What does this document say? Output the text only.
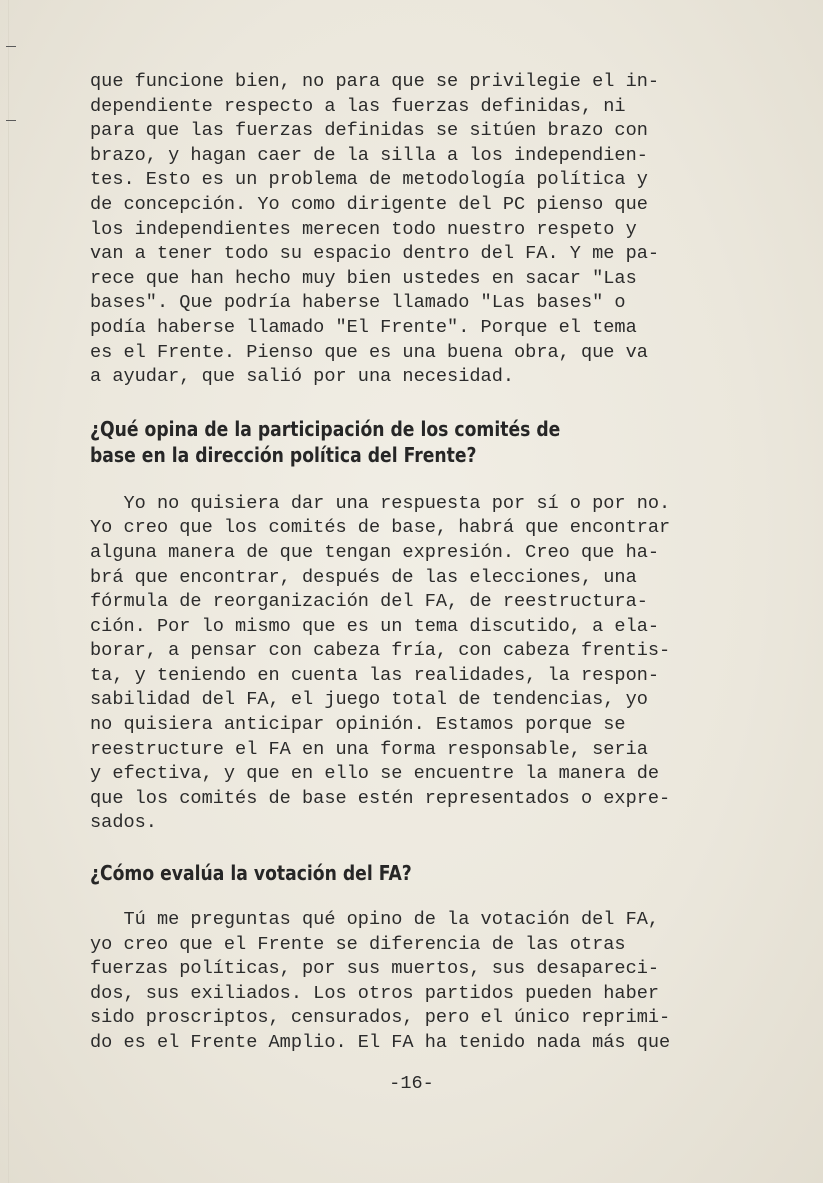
que funcione bien, no para que se privilegie el in-
dependiente respecto a las fuerzas definidas, ni
para que las fuerzas definidas se sitúen brazo con
brazo, y hagan caer de la silla a los independien-
tes. Esto es un problema de metodología política y
de concepción. Yo como dirigente del PC pienso que
los independientes merecen todo nuestro respeto y
van a tener todo su espacio dentro del FA. Y me pa-
rece que han hecho muy bien ustedes en sacar "Las
bases". Que podría haberse llamado "Las bases" o
podía haberse llamado "El Frente". Porque el tema
es el Frente. Pienso que es una buena obra, que va
a ayudar, que salió por una necesidad.

¿Qué opina de la participación de los comités de
base en la dirección política del Frente?

Yo no quisiera dar una respuesta por sí o por no.
Yo creo que los comités de base, habrá que encontrar
alguna manera de que tengan expresión. Creo que ha-
brá que encontrar, después de las elecciones, una
fórmula de reorganización del FA, de reestructura-
ción. Por lo mismo que es un tema discutido, a ela-
borar, a pensar con cabeza fría, con cabeza frentis-
ta, y teniendo en cuenta las realidades, la respon-
sabilidad del FA, el juego total de tendencias, yo
no quisiera anticipar opinión. Estamos porque se
reestructure el FA en una forma responsable, seria
y efectiva, y que en ello se encuentre la manera de
que los comités de base estén representados o expre-
sados.

¿Cómo evalúa la votación del FA?

Tú me preguntas qué opino de la votación del FA,
yo creo que el Frente se diferencia de las otras
fuerzas políticas, por sus muertos, sus desapareci-
dos, sus exiliados. Los otros partidos pueden haber
sido proscriptos, censurados, pero el único reprimi-
do es el Frente Amplio. El FA ha tenido nada más que

-16-
